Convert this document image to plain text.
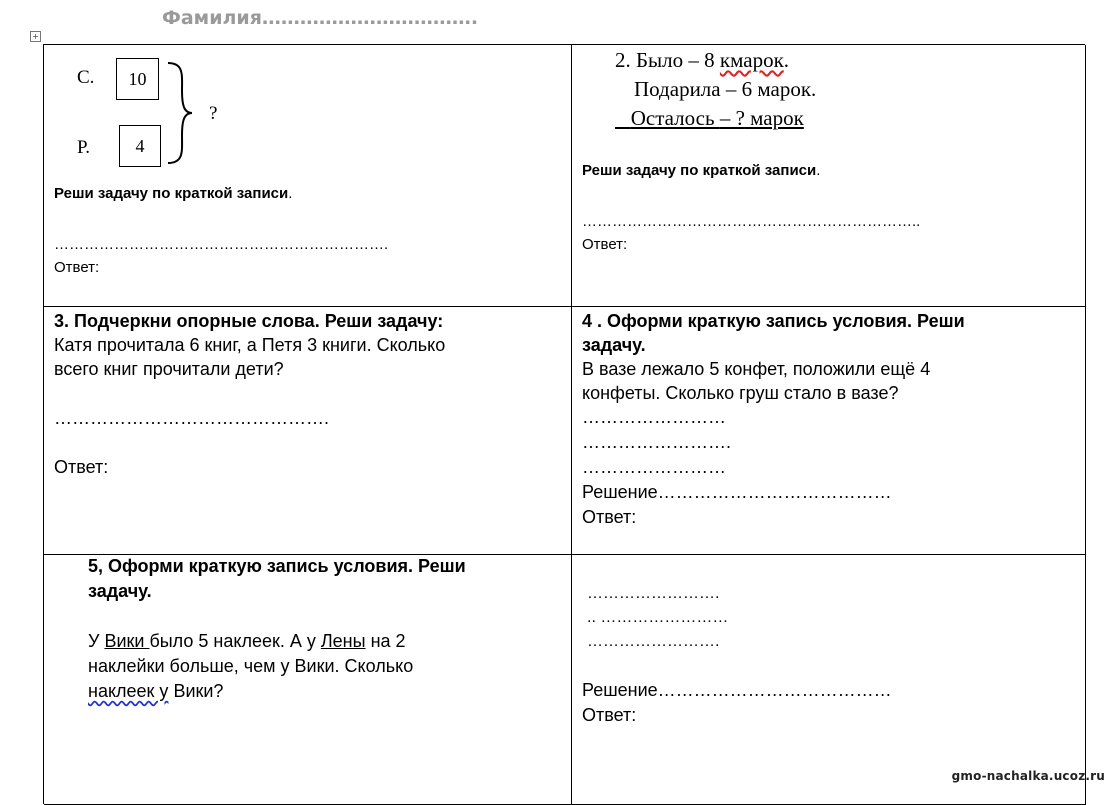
Фамилия…………………………….
+
С.	10
Р.	4
?
Реши задачу по краткой записи.
………………………………………………………….
Ответ:
2. Было – 8 кмарок.
Подарила – 6 марок.
Осталось – ? марок
Реши задачу по краткой записи.
…………………………………………………………..
Ответ:
3. Подчеркни опорные слова. Реши задачу:
Катя прочитала 6 книг, а Петя 3 книги. Сколько
всего книг прочитали дети?
……………………………………….
Ответ:
4 . Оформи краткую запись условия. Реши
задачу.
В вазе лежало 5 конфет, положили ещё 4
конфеты. Сколько груш стало в вазе?
……………………
…………………….
……………………
Решение…………………………………
Ответ:
5, Оформи краткую запись условия. Реши
задачу.
У Вики было 5 наклеек. А у Лены на 2
наклейки больше, чем у Вики. Сколько
наклеек у Вики?
…………………….
.. ……………………
…………………….
Решение…………………………………
Ответ:
gmo-nachalka.ucoz.ru
